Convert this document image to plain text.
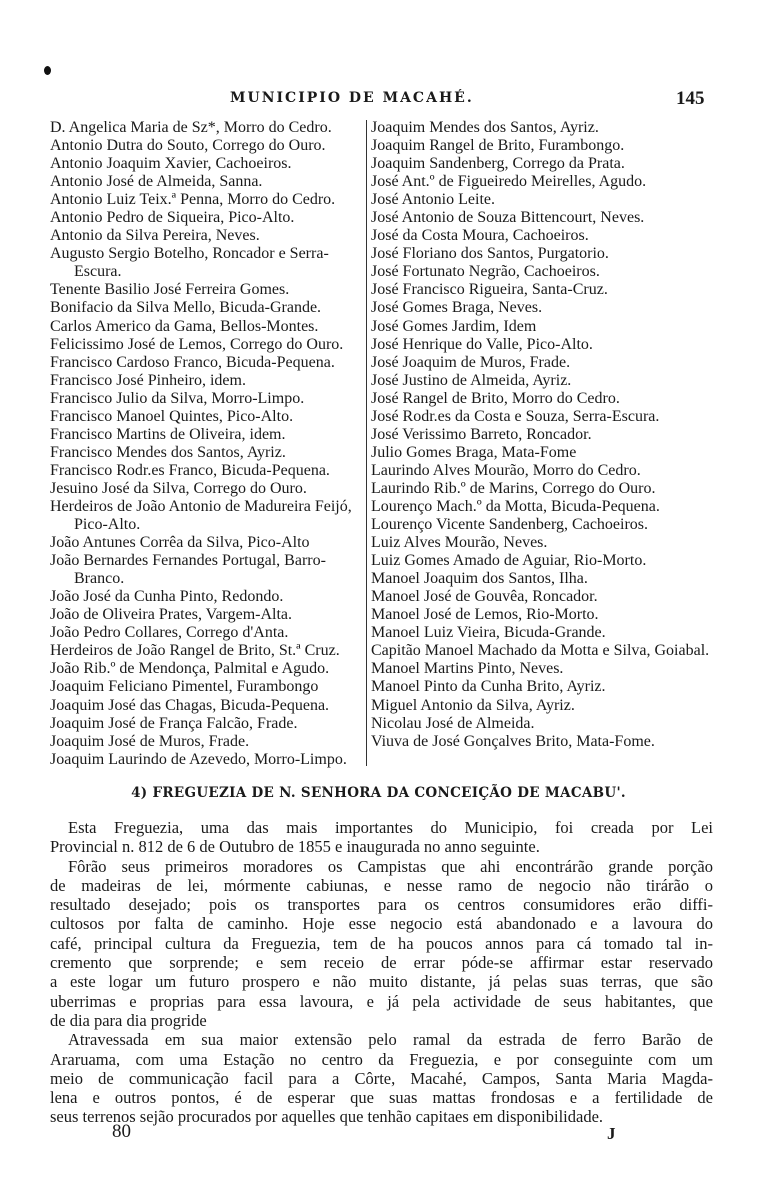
MUNICIPIO DE MACAHÉ.	145
D. Angelica Maria de Sz*, Morro do Cedro.
Antonio Dutra do Souto, Corrego do Ouro.
Antonio Joaquim Xavier, Cachoeiros.
Antonio José de Almeida, Sanna.
Antonio Luiz Teix.ª Penna, Morro do Cedro.
Antonio Pedro de Siqueira, Pico-Alto.
Antonio da Silva Pereira, Neves.
Augusto Sergio Botelho, Roncador e Serra-Escura.
Tenente Basilio José Ferreira Gomes.
Bonifacio da Silva Mello, Bicuda-Grande.
Carlos Americo da Gama, Bellos-Montes.
Felicissimo José de Lemos, Corrego do Ouro.
Francisco Cardoso Franco, Bicuda-Pequena.
Francisco José Pinheiro, idem.
Francisco Julio da Silva, Morro-Limpo.
Francisco Manoel Quintes, Pico-Alto.
Francisco Martins de Oliveira, idem.
Francisco Mendes dos Santos, Ayriz.
Francisco Rodr.es Franco, Bicuda-Pequena.
Jesuino José da Silva, Corrego do Ouro.
Herdeiros de João Antonio de Madureira Feijó, Pico-Alto.
João Antunes Corrêa da Silva, Pico-Alto
João Bernardes Fernandes Portugal, Barro-Branco.
João José da Cunha Pinto, Redondo.
João de Oliveira Prates, Vargem-Alta.
João Pedro Collares, Corrego d'Anta.
Herdeiros de João Rangel de Brito, St.ª Cruz.
João Rib.º de Mendonça, Palmital e Agudo.
Joaquim Feliciano Pimentel, Furambongo
Joaquim José das Chagas, Bicuda-Pequena.
Joaquim José de França Falcão, Frade.
Joaquim José de Muros, Frade.
Joaquim Laurindo de Azevedo, Morro-Limpo.
Joaquim Mendes dos Santos, Ayriz.
Joaquim Rangel de Brito, Furambongo.
Joaquim Sandenberg, Corrego da Prata.
José Ant.º de Figueiredo Meirelles, Agudo.
José Antonio Leite.
José Antonio de Souza Bittencourt, Neves.
José da Costa Moura, Cachoeiros.
José Floriano dos Santos, Purgatorio.
José Fortunato Negrão, Cachoeiros.
José Francisco Rigueira, Santa-Cruz.
José Gomes Braga, Neves.
José Gomes Jardim, Idem
José Henrique do Valle, Pico-Alto.
José Joaquim de Muros, Frade.
José Justino de Almeida, Ayriz.
José Rangel de Brito, Morro do Cedro.
José Rodr.es da Costa e Souza, Serra-Escura.
José Verissimo Barreto, Roncador.
Julio Gomes Braga, Mata-Fome
Laurindo Alves Mourão, Morro do Cedro.
Laurindo Rib.º de Marins, Corrego do Ouro.
Lourenço Mach.º da Motta, Bicuda-Pequena.
Lourenço Vicente Sandenberg, Cachoeiros.
Luiz Alves Mourão, Neves.
Luiz Gomes Amado de Aguiar, Rio-Morto.
Manoel Joaquim dos Santos, Ilha.
Manoel José de Gouvêa, Roncador.
Manoel José de Lemos, Rio-Morto.
Manoel Luiz Vieira, Bicuda-Grande.
Capitão Manoel Machado da Motta e Silva, Goiabal.
Manoel Martins Pinto, Neves.
Manoel Pinto da Cunha Brito, Ayriz.
Miguel Antonio da Silva, Ayriz.
Nicolau José de Almeida.
Viuva de José Gonçalves Brito, Mata-Fome.
4) FREGUEZIA DE N. SENHORA DA CONCEIÇÃO DE MACABU'.
Esta Freguezia, uma das mais importantes do Municipio, foi creada por Lei
Provincial n. 812 de 6 de Outubro de 1855 e inaugurada no anno seguinte.
Fôrão seus primeiros moradores os Campistas que ahi encontrárão grande porção
de madeiras de lei, mórmente cabiunas, e nesse ramo de negocio não tirárão o
resultado desejado; pois os transportes para os centros consumidores erão diffi-
cultosos por falta de caminho. Hoje esse negocio está abandonado e a lavoura do
café, principal cultura da Freguezia, tem de ha poucos annos para cá tomado tal in-
cremento que sorprende; e sem receio de errar póde-se affirmar estar reservado
a este logar um futuro prospero e não muito distante, já pelas suas terras, que são
uberrimas e proprias para essa lavoura, e já pela actividade de seus habitantes, que
de dia para dia progride
Atravessada em sua maior extensão pelo ramal da estrada de ferro Barão de
Araruama, com uma Estação no centro da Freguezia, e por conseguinte com um
meio de communicação facil para a Côrte, Macahé, Campos, Santa Maria Magda-
lena e outros pontos, é de esperar que suas mattas frondosas e a fertilidade de
seus terrenos sejão procurados por aquelles que tenhão capitaes em disponibilidade.
80	J
